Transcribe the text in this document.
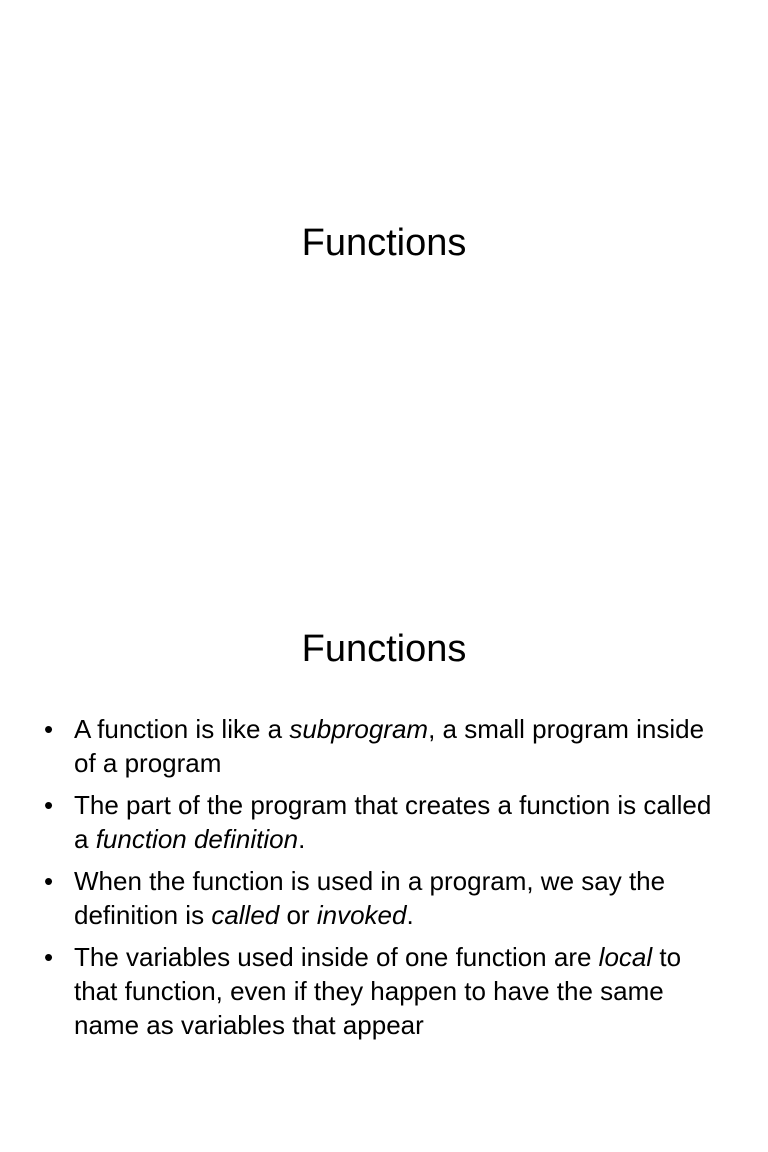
Functions
Functions
• A function is like a subprogram, a small program inside of a program
• The part of the program that creates a function is called a function definition.
• When the function is used in a program, we say the definition is called or invoked.
• The variables used inside of one function are local to that function, even if they happen to have the same name as variables that appear
